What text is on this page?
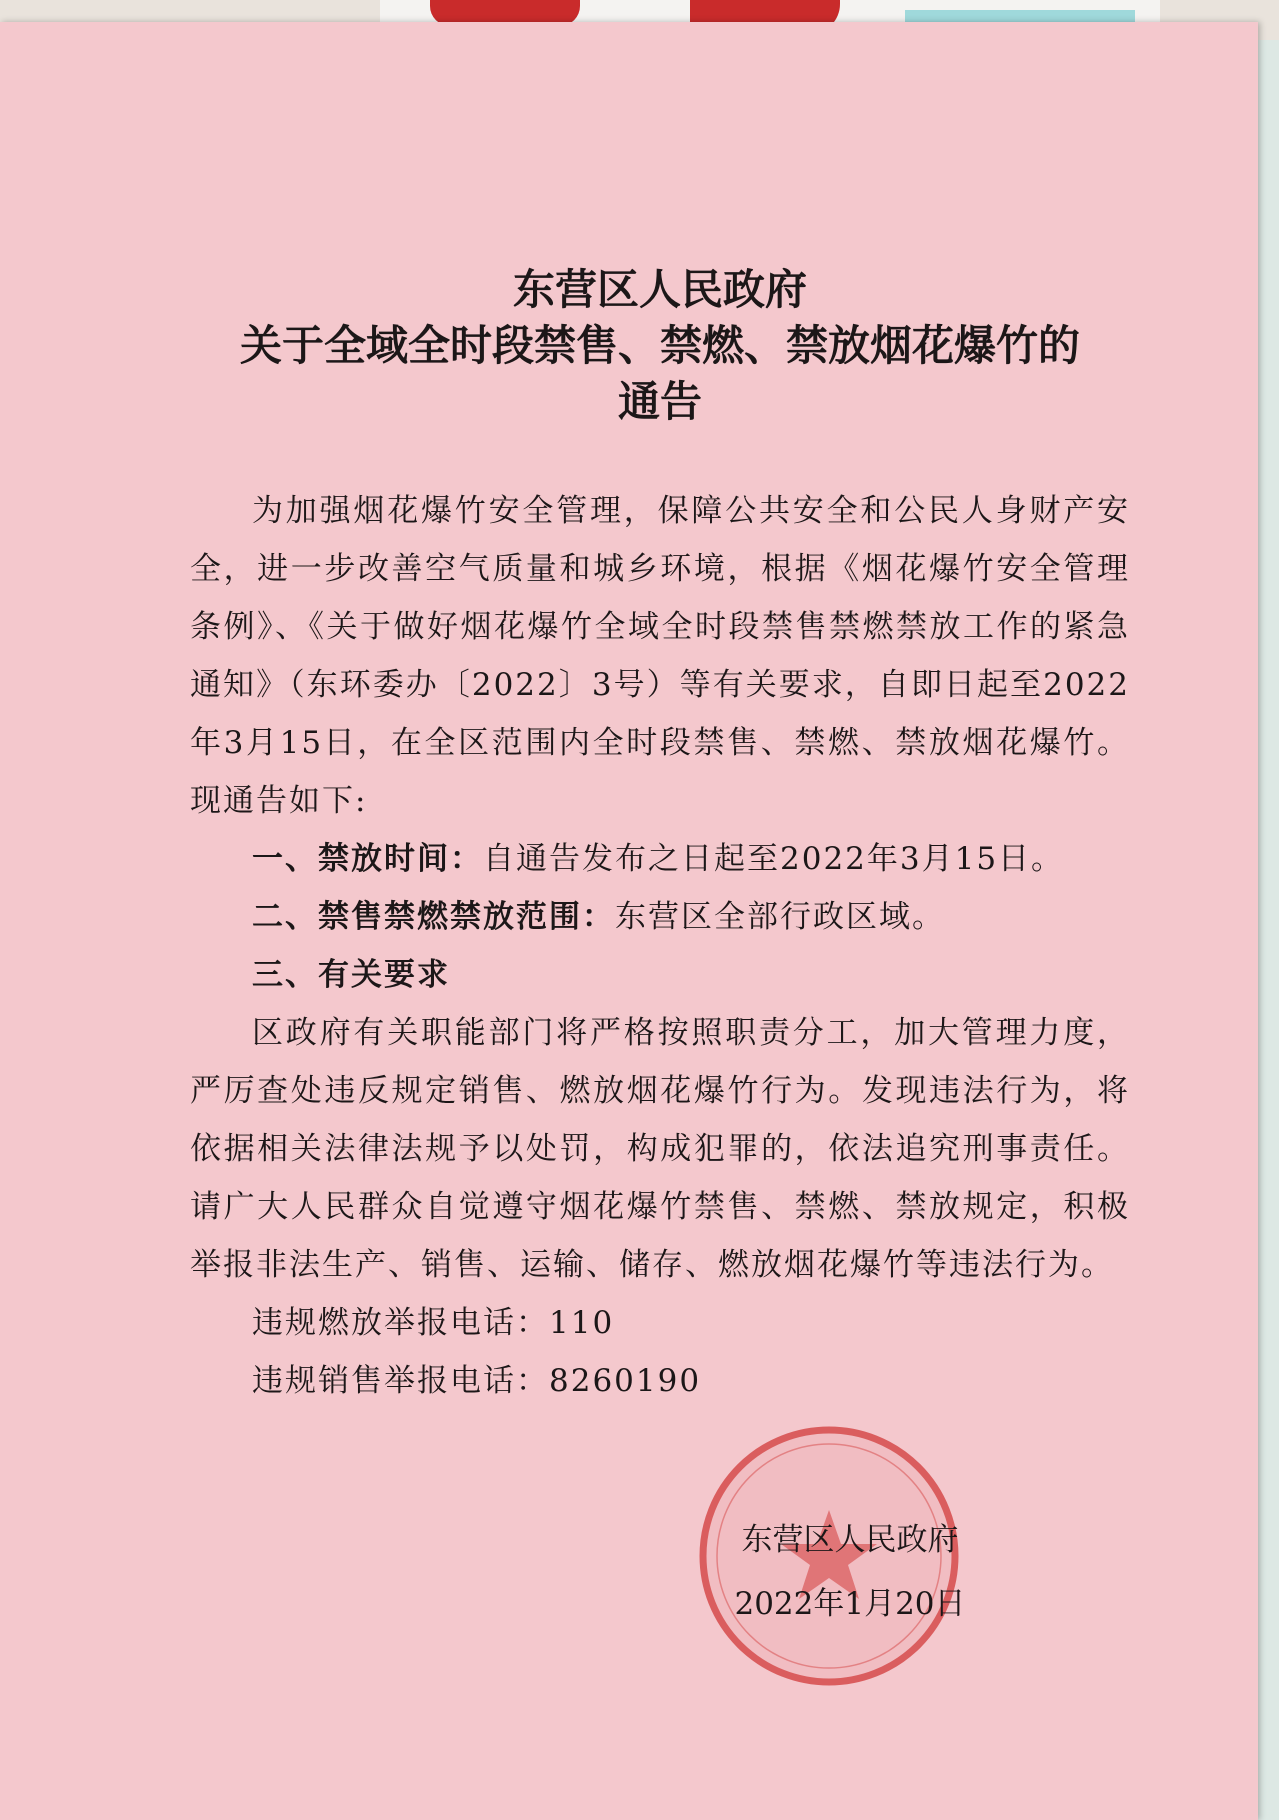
东营区人民政府
关于全域全时段禁售、禁燃、禁放烟花爆竹的
通告

为加强烟花爆竹安全管理，保障公共安全和公民人身财产安全，进一步改善空气质量和城乡环境，根据《烟花爆竹安全管理条例》、《关于做好烟花爆竹全域全时段禁售禁燃禁放工作的紧急通知》（东环委办〔2022〕3号）等有关要求，自即日起至2022年3月15日，在全区范围内全时段禁售、禁燃、禁放烟花爆竹。现通告如下:

一、禁放时间：自通告发布之日起至2022年3月15日。

二、禁售禁燃禁放范围：东营区全部行政区域。

三、有关要求

区政府有关职能部门将严格按照职责分工，加大管理力度，严厉查处违反规定销售、燃放烟花爆竹行为。发现违法行为，将依据相关法律法规予以处罚，构成犯罪的，依法追究刑事责任。请广大人民群众自觉遵守烟花爆竹禁售、禁燃、禁放规定，积极举报非法生产、销售、运输、储存、燃放烟花爆竹等违法行为。

违规燃放举报电话：110

违规销售举报电话：8260190

东营区人民政府
2022年1月20日
